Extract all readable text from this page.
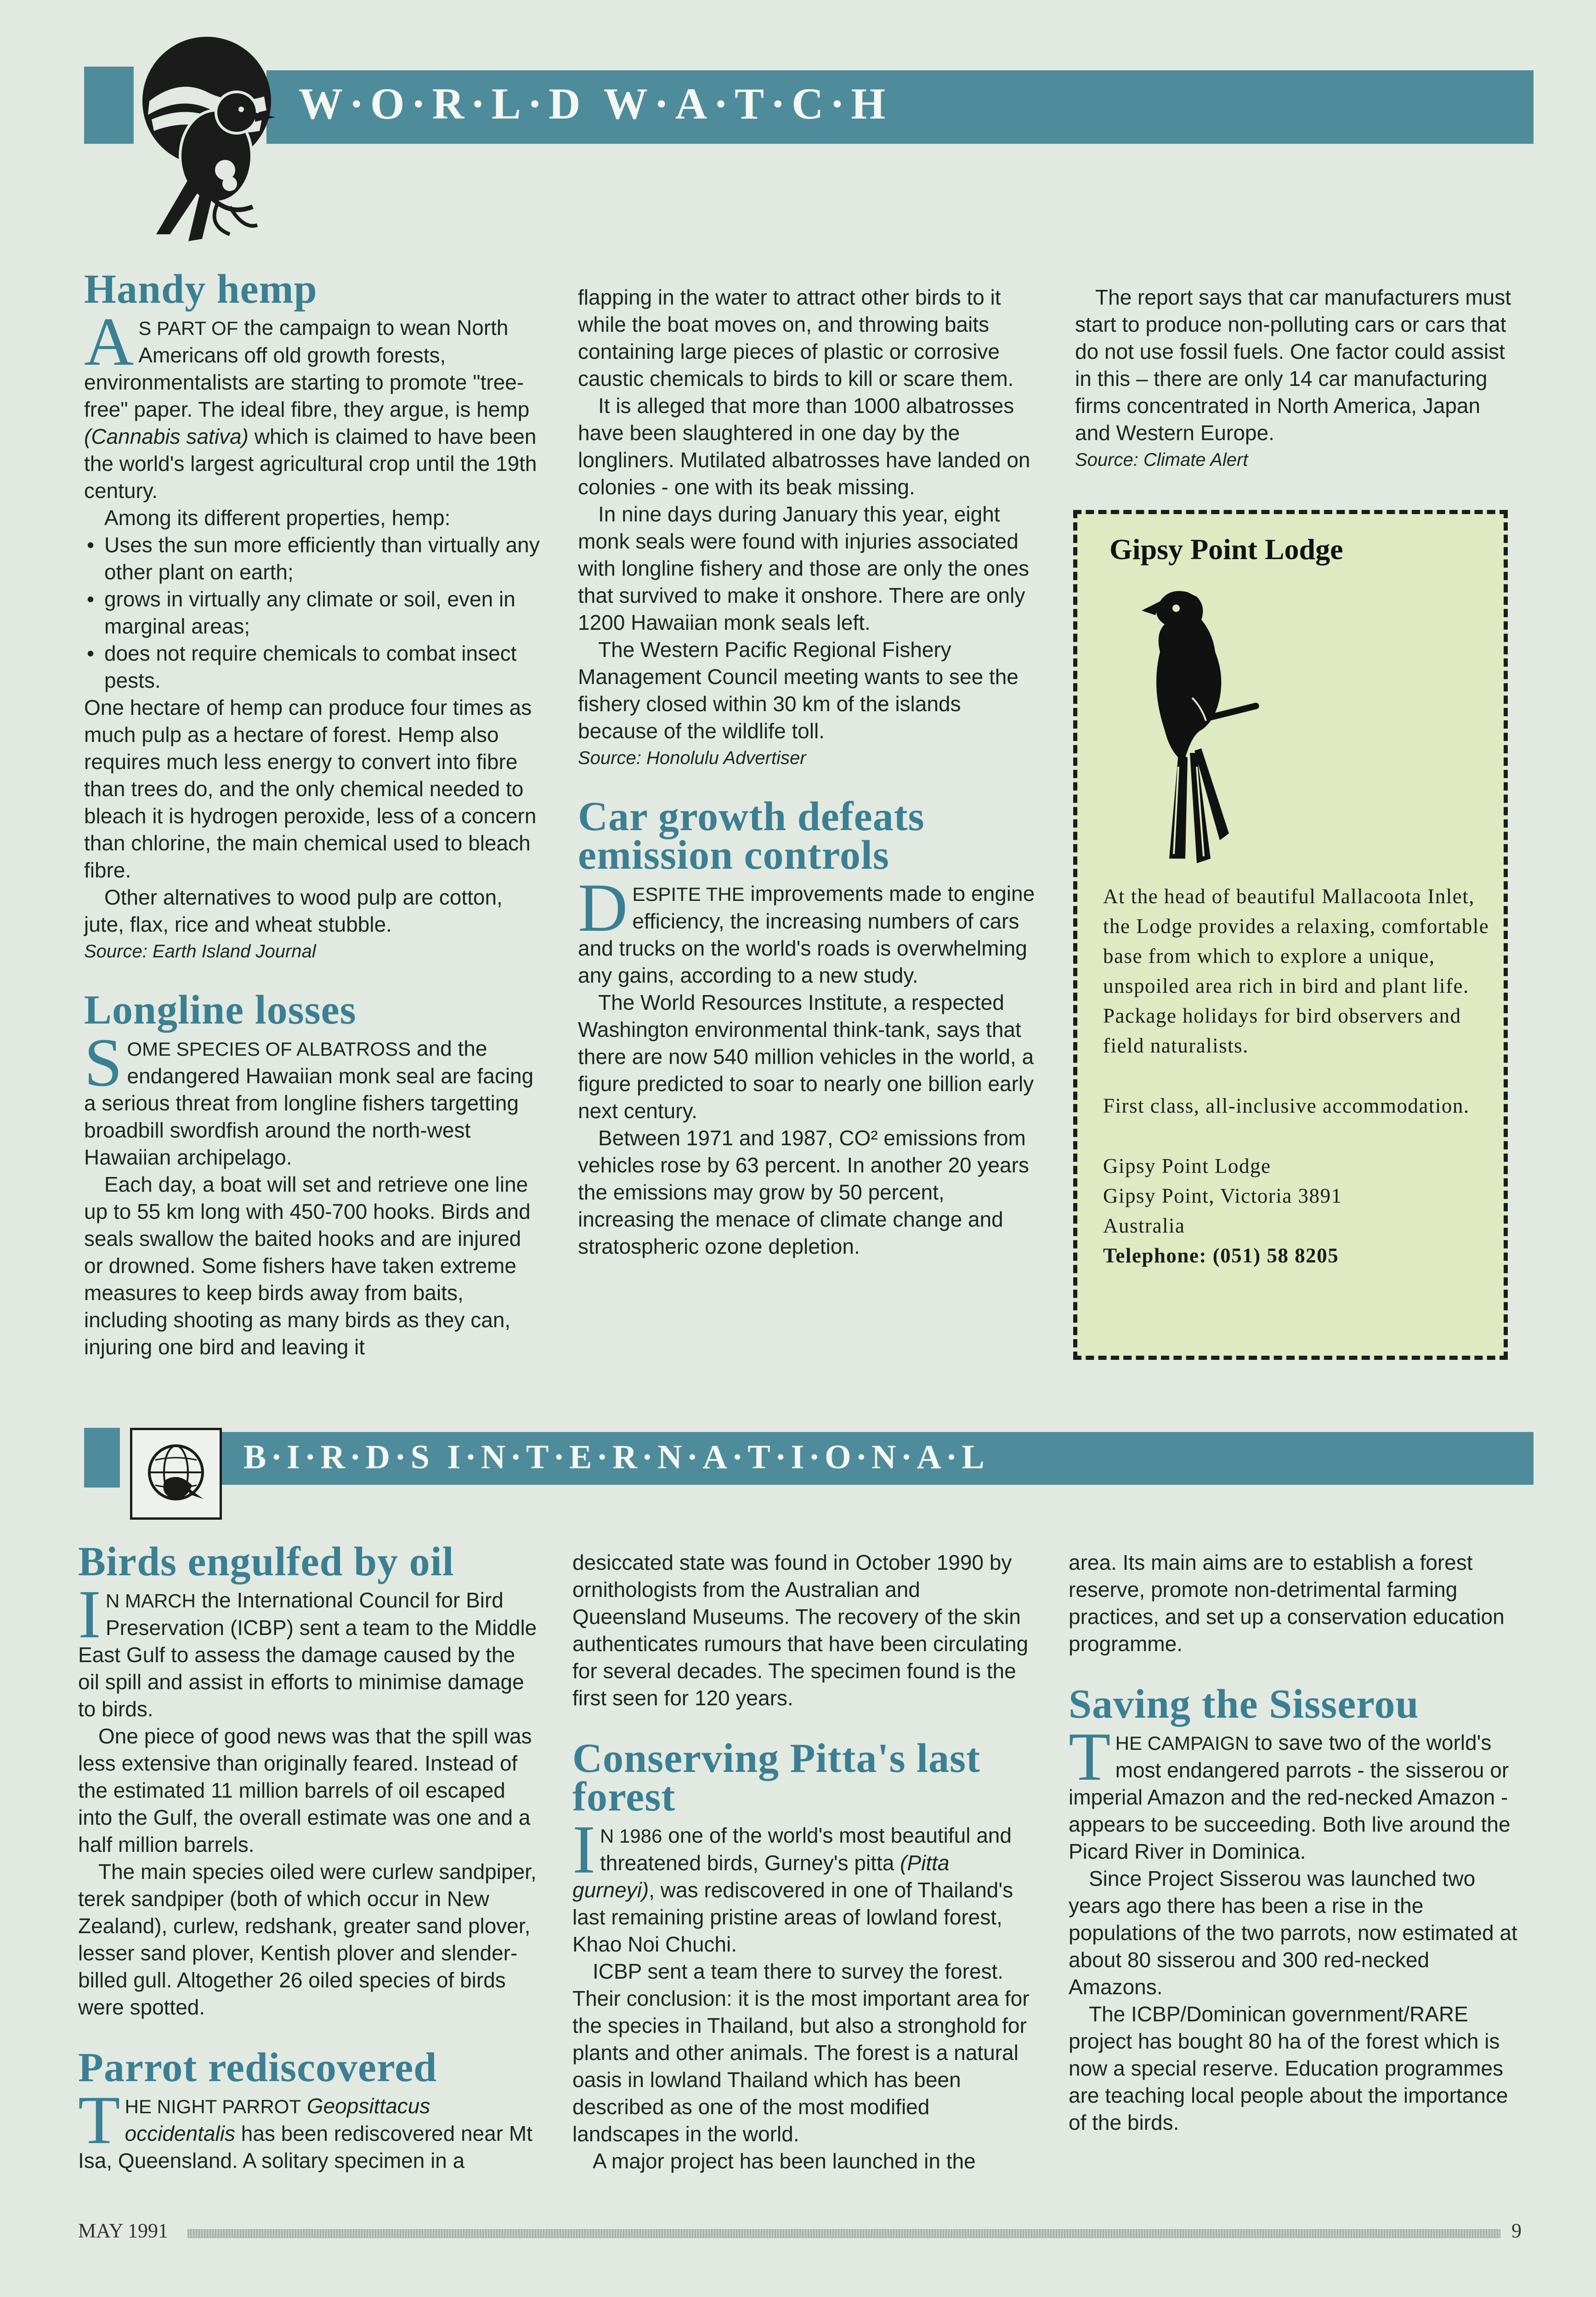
W·O·R·L·D W·A·T·C·H
Handy hemp

A S PART OF the campaign to wean North Americans off old growth forests, environmentalists are starting to promote "tree-free" paper. The ideal fibre, they argue, is hemp (Cannabis sativa) which is claimed to have been the world's largest agricultural crop until the 19th century.

Among its different properties, hemp:

• Uses the sun more efficiently than virtually any other plant on earth;
• grows in virtually any climate or soil, even in marginal areas;
• does not require chemicals to combat insect pests.

One hectare of hemp can produce four times as much pulp as a hectare of forest. Hemp also requires much less energy to convert into fibre than trees do, and the only chemical needed to bleach it is hydrogen peroxide, less of a concern than chlorine, the main chemical used to bleach fibre.

Other alternatives to wood pulp are cotton, jute, flax, rice and wheat stubble.

Source: Earth Island Journal
Longline losses

SOME SPECIES OF ALBATROSS and the endangered Hawaiian monk seal are facing a serious threat from longline fishers targetting broadbill swordfish around the north-west Hawaiian archipelago.

Each day, a boat will set and retrieve one line up to 55 km long with 450-700 hooks. Birds and seals swallow the baited hooks and are injured or drowned. Some fishers have taken extreme measures to keep birds away from baits, including shooting as many birds as they can, injuring one bird and leaving it

flapping in the water to attract other birds to it while the boat moves on, and throwing baits containing large pieces of plastic or corrosive caustic chemicals to birds to kill or scare them.

It is alleged that more than 1000 albatrosses have been slaughtered in one day by the longliners. Mutilated albatrosses have landed on colonies - one with its beak missing.

In nine days during January this year, eight monk seals were found with injuries associated with longline fishery and those are only the ones that survived to make it onshore. There are only 1200 Hawaiian monk seals left.

The Western Pacific Regional Fishery Management Council meeting wants to see the fishery closed within 30 km of the islands because of the wildlife toll.

Source: Honolulu Advertiser
Car growth defeats emission controls

DESPITE THE improvements made to engine efficiency, the increasing numbers of cars and trucks on the world's roads is overwhelming any gains, according to a new study.

The World Resources Institute, a respected Washington environmental think-tank, says that there are now 540 million vehicles in the world, a figure predicted to soar to nearly one billion early next century.

Between 1971 and 1987, CO² emissions from vehicles rose by 63 percent. In another 20 years the emissions may grow by 50 percent, increasing the menace of climate change and stratospheric ozone depletion.

The report says that car manufacturers must start to produce non-polluting cars or cars that do not use fossil fuels. One factor could assist in this – there are only 14 car manufacturing firms concentrated in North America, Japan and Western Europe.

Source: Climate Alert
Gipsy Point Lodge

At the head of beautiful Mallacoota Inlet, the Lodge provides a relaxing, comfortable base from which to explore a unique, unspoiled area rich in bird and plant life. Package holidays for bird observers and field naturalists.

First class, all-inclusive accommodation.

Gipsy Point Lodge

Gipsy Point, Victoria 3891

Australia

Telephone: (051) 58 8205

B·I·R·D·S I·N·T·E·R·N·A·T·I·O·N·A·L
Birds engulfed by oil

I N MARCH the International Council for Bird Preservation (ICBP) sent a team to the Middle East Gulf to assess the damage caused by the oil spill and assist in efforts to minimise damage to birds.

One piece of good news was that the spill was less extensive than originally feared. Instead of the estimated 11 million barrels of oil escaped into the Gulf, the overall estimate was one and a half million barrels.

The main species oiled were curlew sandpiper, terek sandpiper (both of which occur in New Zealand), curlew, redshank, greater sand plover, lesser sand plover, Kentish plover and slender-billed gull. Altogether 26 oiled species of birds were spotted.

Parrot rediscovered

THE NIGHT PARROT Geopsittacus occidentalis has been rediscovered near Mt Isa, Queensland. A solitary specimen in a

desiccated state was found in October 1990 by ornithologists from the Australian and Queensland Museums. The recovery of the skin authenticates rumours that have been circulating for several decades. The specimen found is the first seen for 120 years.

Conserving Pitta's last forest

I N 1986 one of the world's most beautiful and threatened birds, Gurney's pitta (Pitta gurneyi), was rediscovered in one of Thailand's last remaining pristine areas of lowland forest, Khao Noi Chuchi.

ICBP sent a team there to survey the forest. Their conclusion: it is the most important area for the species in Thailand, but also a stronghold for plants and other animals. The forest is a natural oasis in lowland Thailand which has been described as one of the most modified landscapes in the world.

A major project has been launched in the

area. Its main aims are to establish a forest reserve, promote non-detrimental farming practices, and set up a conservation education programme.

Saving the Sisserou

THE CAMPAIGN to save two of the world's most endangered parrots - the sisserou or imperial Amazon and the red-necked Amazon - appears to be succeeding. Both live around the Picard River in Dominica.

Since Project Sisserou was launched two years ago there has been a rise in the populations of the two parrots, now estimated at about 80 sisserou and 300 red-necked Amazons.

The ICBP/Dominican government/RARE project has bought 80 ha of the forest which is now a special reserve. Education programmes are teaching local people about the importance of the birds.

MAY 1991	9
